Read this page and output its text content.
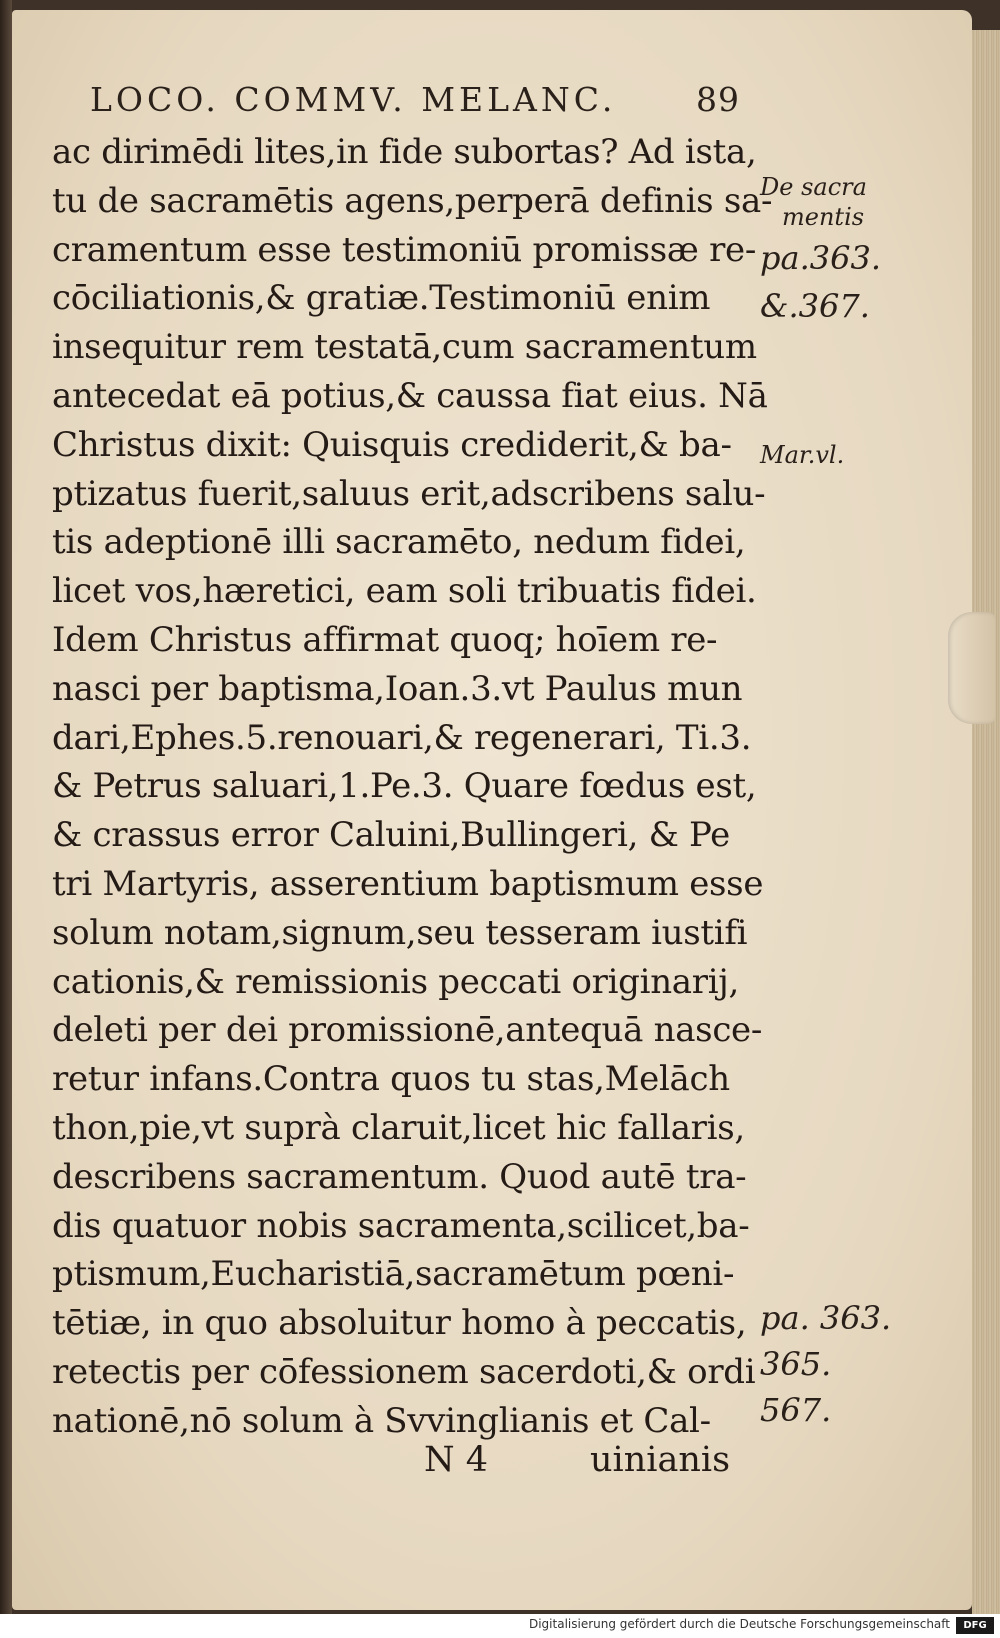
LOCO. COMMV. MELANC. 89
ac dirimēdi lites,in fide subortas? Ad ista,
tu de sacramētis agens,perperā definis sa-
cramentum esse testimoniū promissæ re-
cōciliationis,& gratiæ.Testimoniū enim
insequitur rem testatā,cum sacramentum
antecedat eā potius,& caussa fiat eius. Nā
Christus dixit: Quisquis crediderit,& ba-
ptizatus fuerit,saluus erit,adscribens salu-
tis adeptionē illi sacramēto, nedum fidei,
licet vos,hæretici, eam soli tribuatis fidei.
Idem Christus affirmat quoq; hoīem re-
nasci per baptisma,Ioan.3.vt Paulus mun
dari,Ephes.5.renouari,& regenerari, Ti.3.
& Petrus saluari,1.Pe.3. Quare fœdus est,
& crassus error Caluini,Bullingeri, & Pe
tri Martyris, asserentium baptismum esse
solum notam,signum,seu tesseram iustifi
cationis,& remissionis peccati originarij,
deleti per dei promissionē,antequā nasce-
retur infans.Contra quos tu stas,Melāch
thon,pie,vt suprà claruit,licet hic fallaris,
describens sacramentum. Quod autē tra-
dis quatuor nobis sacramenta,scilicet,ba-
ptismum,Eucharistiā,sacramētum pœni-
tētiæ, in quo absoluitur homo à peccatis,
retectis per cōfessionem sacerdoti,& ordi
nationē,nō solum à Svvinglianis et Cal-
De sacra
mentis
pa.363.
&.367.
Mar.vl.
pa. 363.
365.
567.
N 4	uinianis
Digitalisierung gefördert durch die Deutsche Forschungsgemeinschaft	DFG
